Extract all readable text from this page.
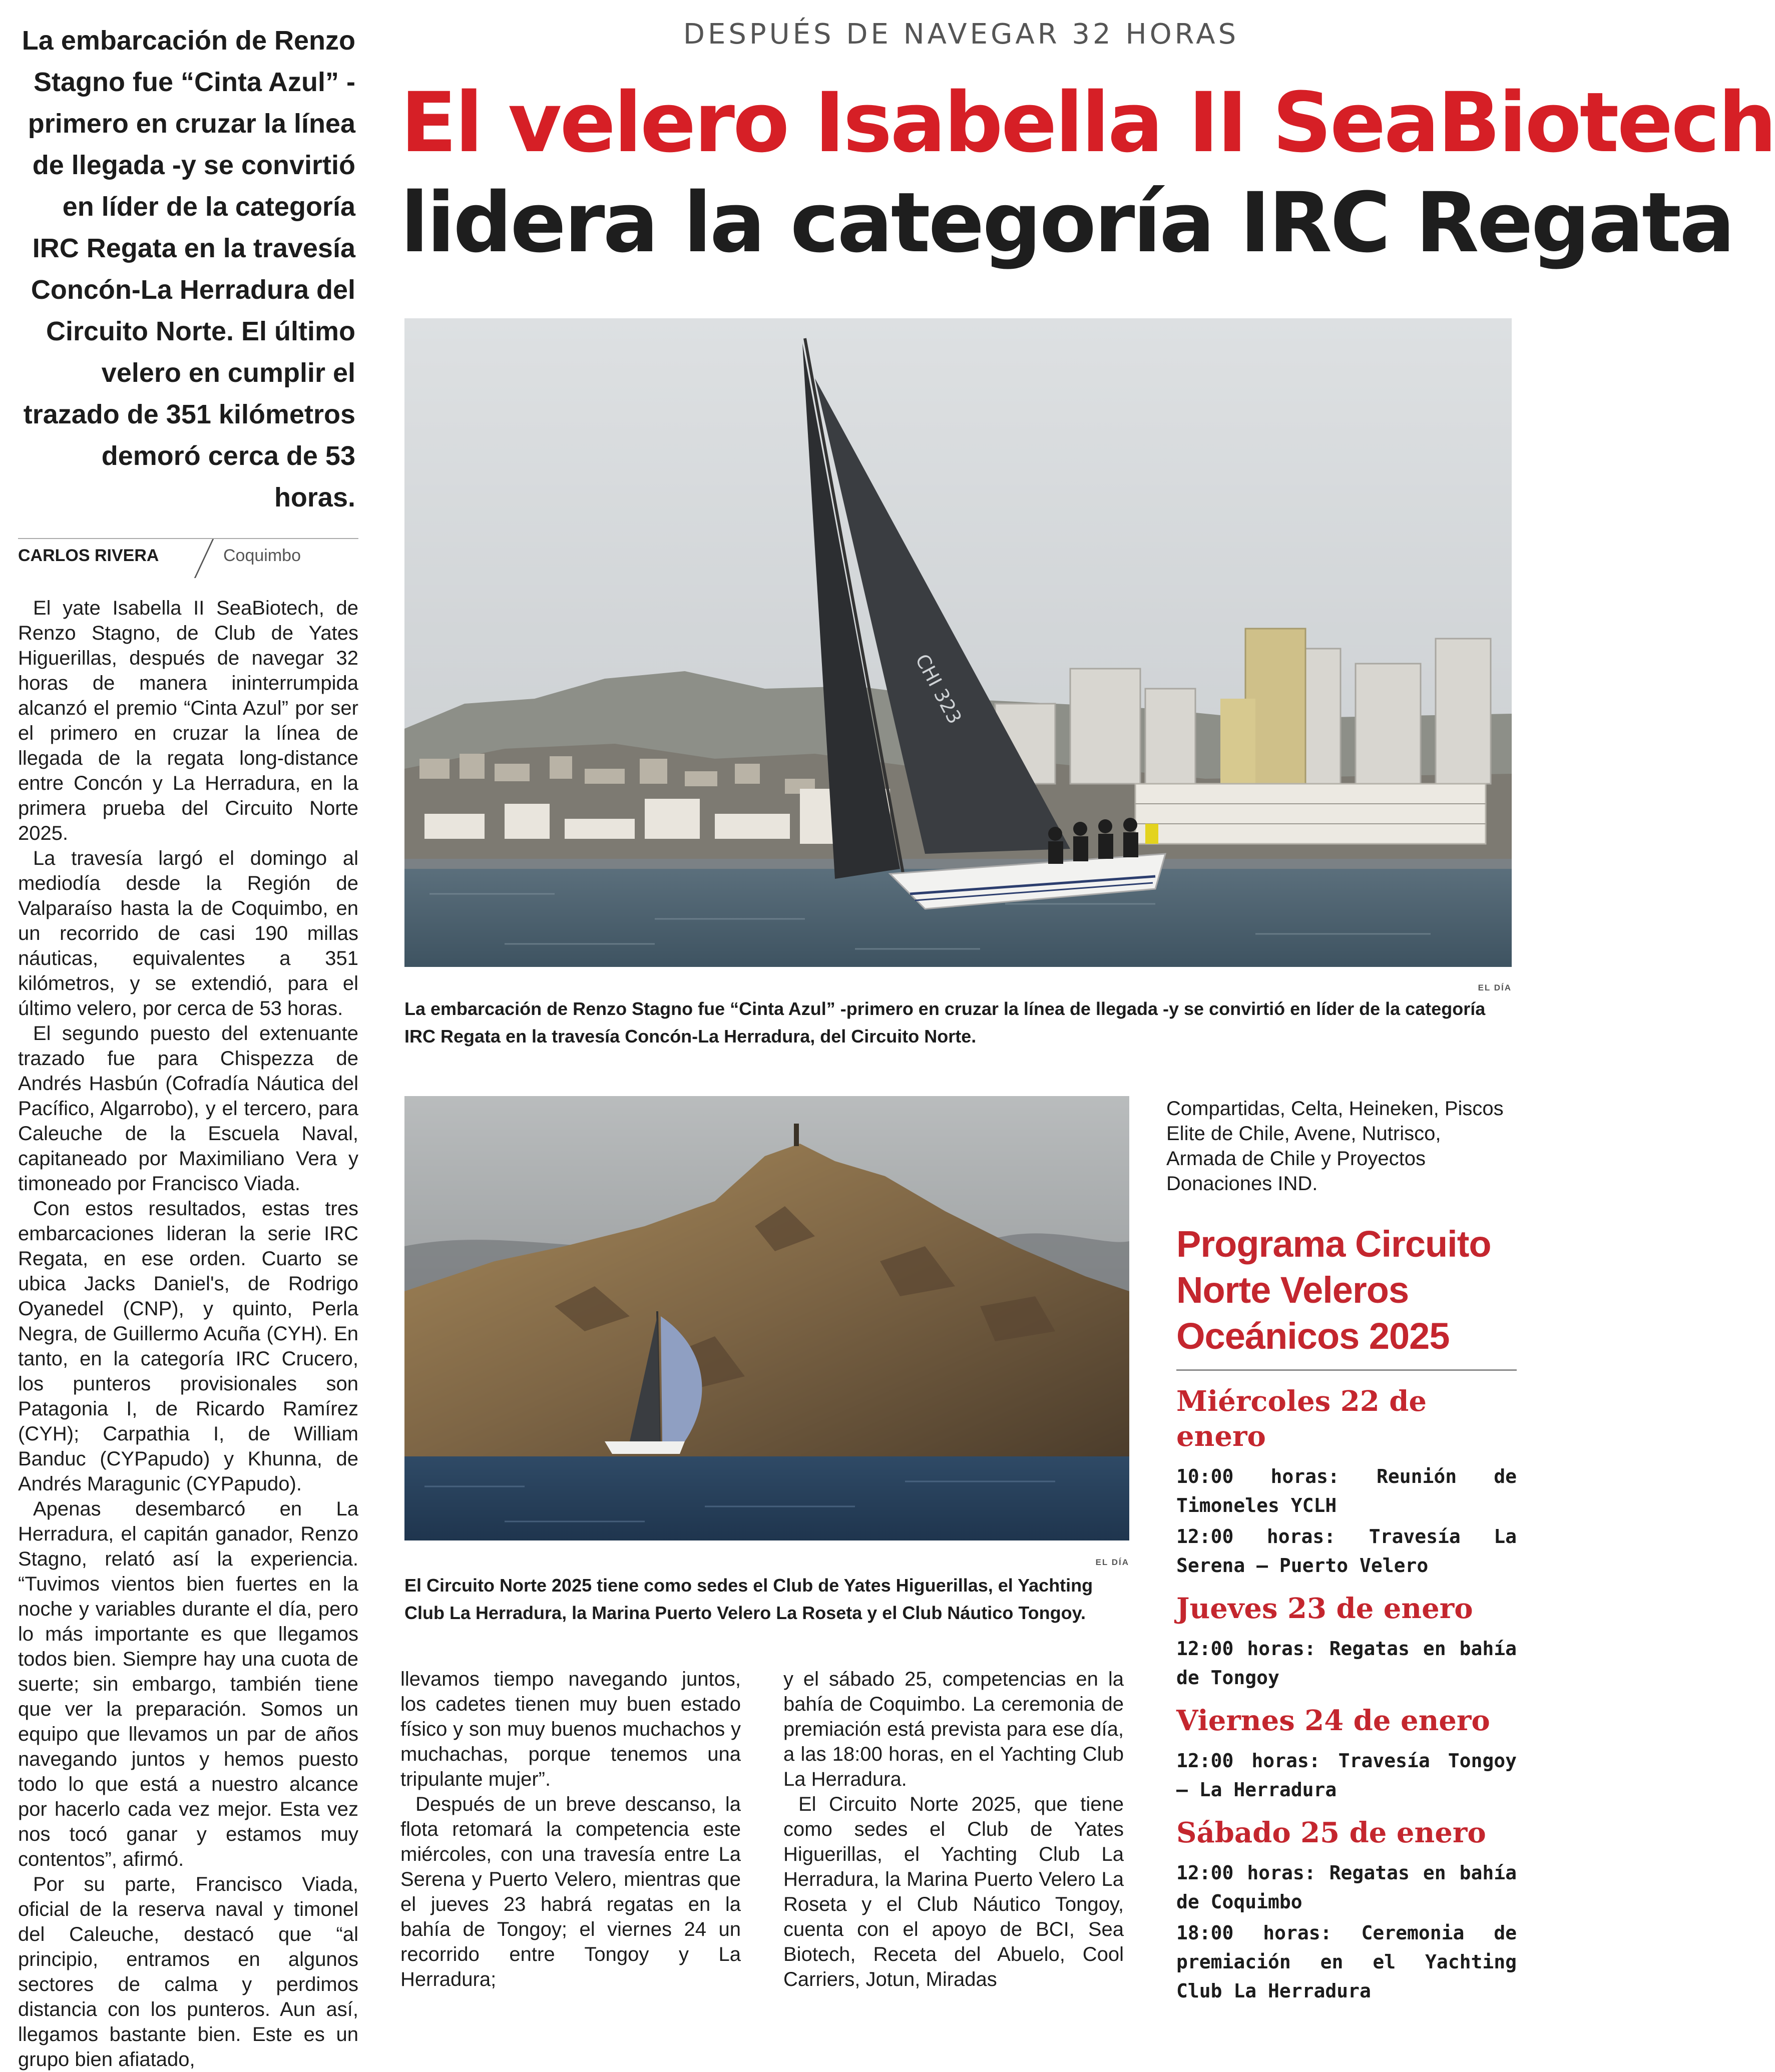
DESPUÉS DE NAVEGAR 32 HORAS
El velero Isabella II SeaBiotech
lidera la categoría IRC Regata
La embarcación de Renzo Stagno fue “Cinta Azul” -primero en cruzar la línea de llegada -y se convirtió en líder de la categoría IRC Regata en la travesía Concón-La Herradura del Circuito Norte. El último velero en cumplir el trazado de 351 kilómetros demoró cerca de 53 horas.
CARLOS RIVERA	Coquimbo

El yate Isabella II SeaBiotech, de Renzo Stagno, de Club de Yates Higuerillas, después de navegar 32 horas de manera ininterrumpida alcanzó el premio “Cinta Azul” por ser el primero en cruzar la línea de llegada de la regata long-distance entre Concón y La Herradura, en la primera prueba del Circuito Norte 2025.

La travesía largó el domingo al mediodía desde la Región de Valparaíso hasta la de Coquimbo, en un recorrido de casi 190 millas náuticas, equivalentes a 351 kilómetros, y se extendió, para el último velero, por cerca de 53 horas.

El segundo puesto del extenuante trazado fue para Chispezza de Andrés Hasbún (Cofradía Náutica del Pacífico, Algarrobo), y el tercero, para Caleuche de la Escuela Naval, capitaneado por Maximiliano Vera y timoneado por Francisco Viada.

Con estos resultados, estas tres embarcaciones lideran la serie IRC Regata, en ese orden. Cuarto se ubica Jacks Daniel's, de Rodrigo Oyanedel (CNP), y quinto, Perla Negra, de Guillermo Acuña (CYH). En tanto, en la categoría IRC Crucero, los punteros provisionales son Patagonia I, de Ricardo Ramírez (CYH); Carpathia I, de William Banduc (CYPapudo) y Khunna, de Andrés Maragunic (CYPapudo).

Apenas desembarcó en La Herradura, el capitán ganador, Renzo Stagno, relató así la experiencia. “Tuvimos vientos bien fuertes en la noche y variables durante el día, pero lo más importante es que llegamos todos bien. Siempre hay una cuota de suerte; sin embargo, también tiene que ver la preparación. Somos un equipo que llevamos un par de años navegando juntos y hemos puesto todo lo que está a nuestro alcance por hacerlo cada vez mejor. Esta vez nos tocó ganar y estamos muy contentos”, afirmó.

Por su parte, Francisco Viada, oficial de la reserva naval y timonel del Caleuche, destacó que “al principio, entramos en algunos sectores de calma y perdimos distancia con los punteros. Aun así, llegamos bastante bien. Este es un grupo bien afiatado,

CHI 323
EL DÍA
La embarcación de Renzo Stagno fue “Cinta Azul” -primero en cruzar la línea de llegada -y se convirtió en líder de la categoría IRC Regata en la travesía Concón-La Herradura, del Circuito Norte.
EL DÍA
El Circuito Norte 2025 tiene como sedes el Club de Yates Higuerillas, el Yachting Club La Herradura, la Marina Puerto Velero La Roseta y el Club Náutico Tongoy.

llevamos tiempo navegando juntos, los cadetes tienen muy buen estado físico y son muy buenos muchachos y muchachas, porque tenemos una tripulante mujer”.

Después de un breve descanso, la flota retomará la competencia este miércoles, con una travesía entre La Serena y Puerto Velero, mientras que el jueves 23 habrá regatas en la bahía de Tongoy; el viernes 24 un recorrido entre Tongoy y La Herradura;

y el sábado 25, competencias en la bahía de Coquimbo. La ceremonia de premiación está prevista para ese día, a las 18:00 horas, en el Yachting Club La Herradura.

El Circuito Norte 2025, que tiene como sedes el Club de Yates Higuerillas, el Yachting Club La Herradura, la Marina Puerto Velero La Roseta y el Club Náutico Tongoy, cuenta con el apoyo de BCI, Sea Biotech, Receta del Abuelo, Cool Carriers, Jotun, Miradas

Compartidas, Celta, Heineken, Piscos Elite de Chile, Avene, Nutrisco, Armada de Chile y Proyectos Donaciones IND.

Programa Circuito Norte Veleros Oceánicos 2025
Miércoles 22 de enero
10:00 horas: Reunión de Timoneles YCLH
12:00 horas: Travesía La Serena – Puerto Velero
Jueves 23 de enero
12:00 horas: Regatas en bahía de Tongoy
Viernes 24 de enero
12:00 horas: Travesía Tongoy – La Herradura
Sábado 25 de enero
12:00 horas: Regatas en bahía de Coquimbo
18:00 horas: Ceremonia de premiación en el Yachting Club La Herradura
